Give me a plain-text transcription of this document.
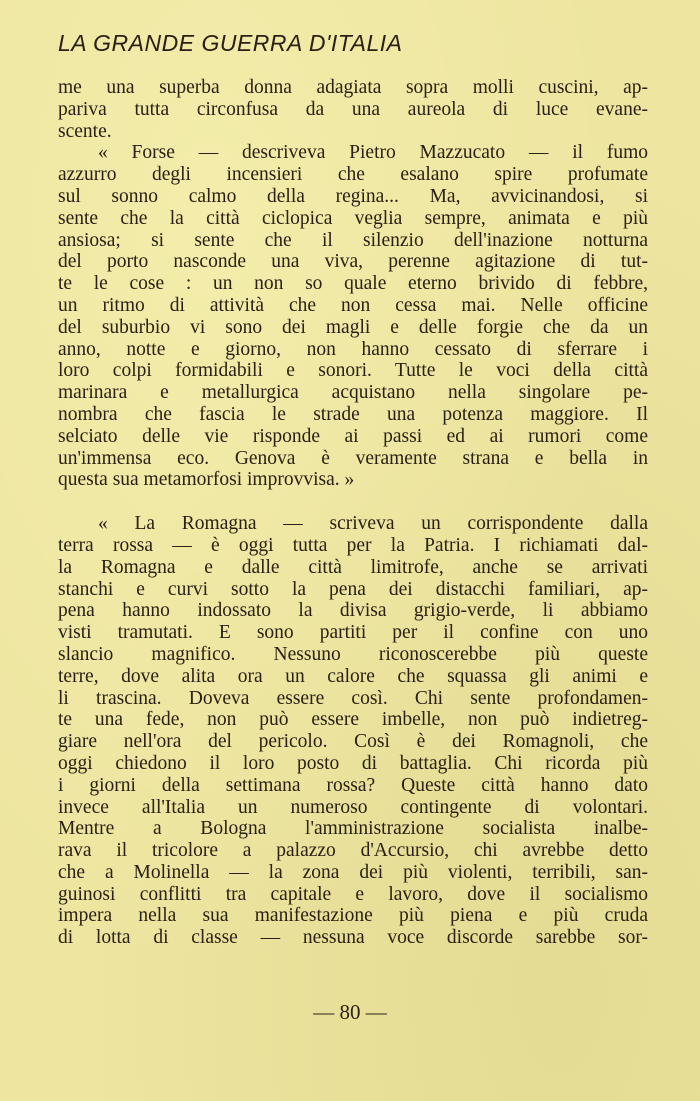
LA GRANDE GUERRA D'ITALIA
me una superba donna adagiata sopra molli cuscini, ap-
pariva tutta circonfusa da una aureola di luce evane-
scente.
« Forse — descriveva Pietro Mazzucato — il fumo
azzurro degli incensieri che esalano spire profumate
sul sonno calmo della regina... Ma, avvicinandosi, si
sente che la città ciclopica veglia sempre, animata e più
ansiosa; si sente che il silenzio dell'inazione notturna
del porto nasconde una viva, perenne agitazione di tut-
te le cose : un non so quale eterno brivido di febbre,
un ritmo di attività che non cessa mai. Nelle officine
del suburbio vi sono dei magli e delle forgie che da un
anno, notte e giorno, non hanno cessato di sferrare i
loro colpi formidabili e sonori. Tutte le voci della città
marinara e metallurgica acquistano nella singolare pe-
nombra che fascia le strade una potenza maggiore. Il
selciato delle vie risponde ai passi ed ai rumori come
un'immensa eco. Genova è veramente strana e bella in
questa sua metamorfosi improvvisa. »
« La Romagna — scriveva un corrispondente dalla
terra rossa — è oggi tutta per la Patria. I richiamati dal-
la Romagna e dalle città limitrofe, anche se arrivati
stanchi e curvi sotto la pena dei distacchi familiari, ap-
pena hanno indossato la divisa grigio-verde, li abbiamo
visti tramutati. E sono partiti per il confine con uno
slancio magnifico. Nessuno riconoscerebbe più queste
terre, dove alita ora un calore che squassa gli animi e
li trascina. Doveva essere così. Chi sente profondamen-
te una fede, non può essere imbelle, non può indietreg-
giare nell'ora del pericolo. Così è dei Romagnoli, che
oggi chiedono il loro posto di battaglia. Chi ricorda più
i giorni della settimana rossa? Queste città hanno dato
invece all'Italia un numeroso contingente di volontari.
Mentre a Bologna l'amministrazione socialista inalbe-
rava il tricolore a palazzo d'Accursio, chi avrebbe detto
che a Molinella — la zona dei più violenti, terribili, san-
guinosi conflitti tra capitale e lavoro, dove il socialismo
impera nella sua manifestazione più piena e più cruda
di lotta di classe — nessuna voce discorde sarebbe sor-
— 80 —
